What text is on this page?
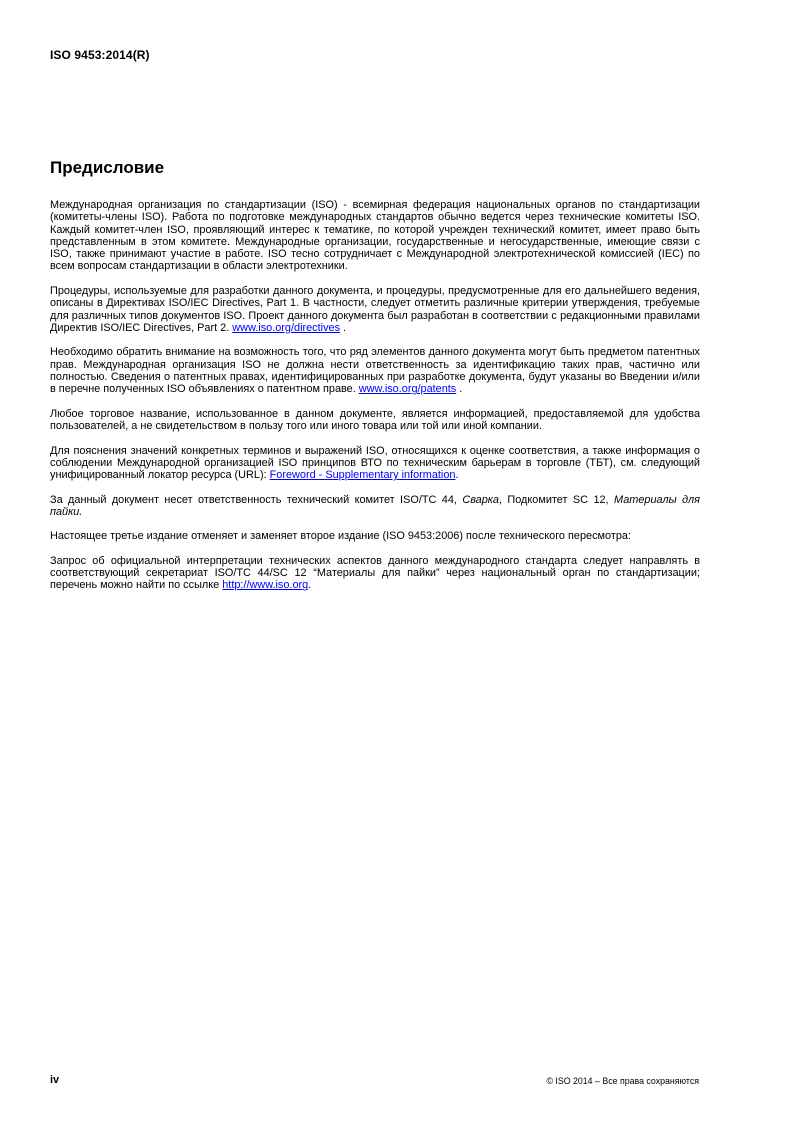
ISO 9453:2014(R)
Предисловие

Международная организация по стандартизации (ISO) - всемирная федерация национальных органов по стандартизации (комитеты-члены ISO). Работа по подготовке международных стандартов обычно ведется через технические комитеты ISO. Каждый комитет-член ISO, проявляющий интерес к тематике, по которой учрежден технический комитет, имеет право быть представленным в этом комитете. Международные организации, государственные и негосударственные, имеющие связи с ISO, также принимают участие в работе. ISO тесно сотрудничает с Международной электротехнической комиссией (IEC) по всем вопросам стандартизации в области электротехники.

Процедуры, используемые для разработки данного документа, и процедуры, предусмотренные для его дальнейшего ведения, описаны в Директивах ISO/IEC Directives, Part 1. В частности, следует отметить различные критерии утверждения, требуемые для различных типов документов ISO. Проект данного документа был разработан в соответствии с редакционными правилами Директив ISO/IEC Directives, Part 2. www.iso.org/directives .

Необходимо обратить внимание на возможность того, что ряд элементов данного документа могут быть предметом патентных прав. Международная организация ISO не должна нести ответственность за идентификацию таких прав, частично или полностью. Сведения о патентных правах, идентифицированных при разработке документа, будут указаны во Введении и/или в перечне полученных ISO объявлениях о патентном праве. www.iso.org/patents .

Любое торговое название, использованное в данном документе, является информацией, предоставляемой для удобства пользователей, а не свидетельством в пользу того или иного товара или той или иной компании.

Для пояснения значений конкретных терминов и выражений ISO, относящихся к оценке соответствия, а также информация о соблюдении Международной организацией ISO принципов ВТО по техническим барьерам в торговле (ТБТ), см. следующий унифицированный локатор ресурса (URL): Foreword - Supplementary information.

За данный документ несет ответственность технический комитет ISO/TC 44, Сварка, Подкомитет SC 12, Материалы для пайки.

Настоящее третье издание отменяет и заменяет второе издание (ISO 9453:2006) после технического пересмотра:

Запрос об официальной интерпретации технических аспектов данного международного стандарта следует направлять в соответствующий секретариат ISO/TC 44/SC 12 “Материалы для пайки” через национальный орган по стандартизации; перечень можно найти по ссылке http://www.iso.org.

iv	© ISO 2014 – Все права сохраняются
